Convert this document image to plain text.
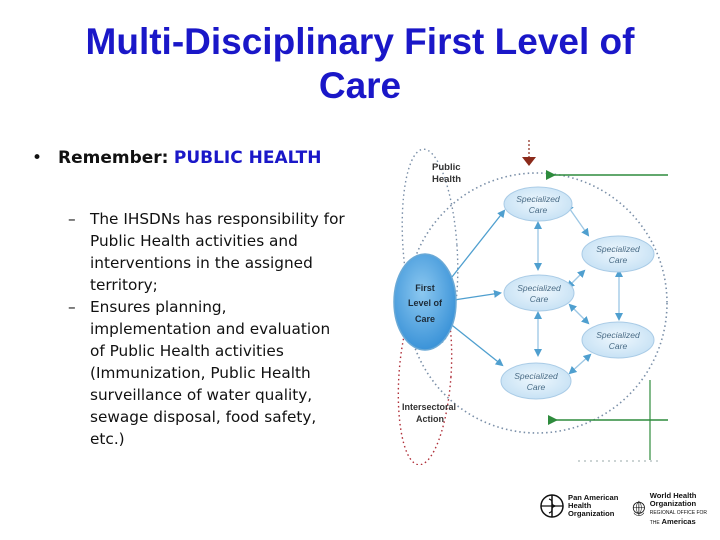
Multi-Disciplinary First Level of
Care
• Remember: PUBLIC HEALTH
– The IHSDNs has responsibility for
Public Health activities and
interventions in the assigned
territory;
– Ensures planning,
implementation and evaluation
of Public Health activities
(Immunization, Public Health
surveillance of water quality,
sewage disposal, food safety,
etc.)
Public
Health
Specialized
Care
Specialized
Care
Specialized
Care
Specialized
Care
Specialized
Care
First
Level of
Care
Intersectoral
Action
Pan American
Health
Organization
World Health
Organization
REGIONAL OFFICE FOR THE Americas
